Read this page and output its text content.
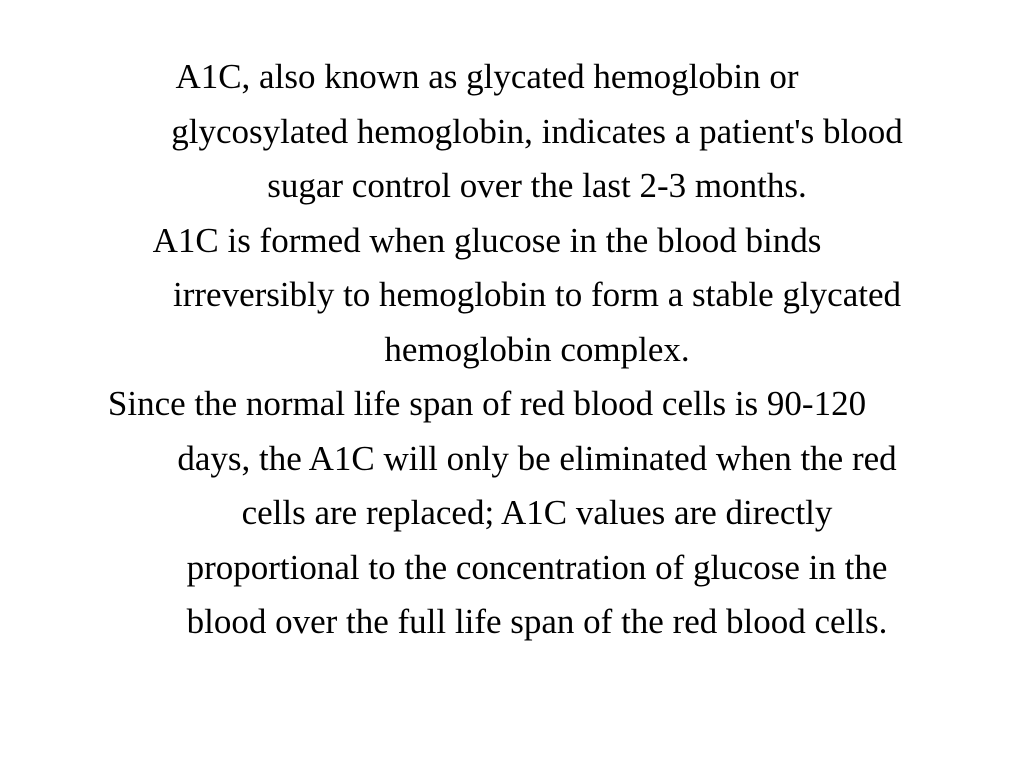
A1C, also known as glycated hemoglobin or
glycosylated hemoglobin, indicates a patient's blood
sugar control over the last 2-3 months.

A1C is formed when glucose in the blood binds
irreversibly to hemoglobin to form a stable glycated
hemoglobin complex.

Since the normal life span of red blood cells is 90-120
days, the A1C will only be eliminated when the red
cells are replaced; A1C values are directly
proportional to the concentration of glucose in the
blood over the full life span of the red blood cells.
